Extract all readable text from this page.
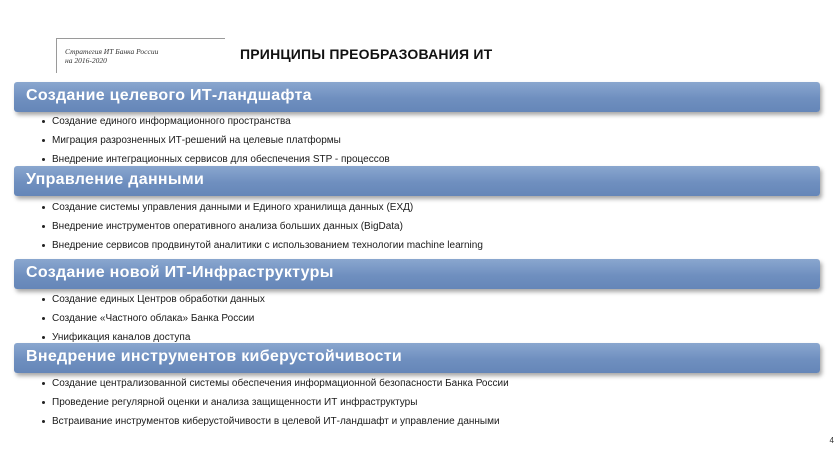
Стратегия ИТ Банка России
на 2016-2020	ПРИНЦИПЫ ПРЕОБРАЗОВАНИЯ ИТ
Создание целевого ИТ-ландшафта
Создание единого информационного пространства
Миграция разрозненных ИТ-решений на целевые платформы
Внедрение интеграционных сервисов для обеспечения STP - процессов
Управление данными
Создание системы управления данными и Единого хранилища данных (ЕХД)
Внедрение инструментов оперативного анализа больших данных (BigData)
Внедрение сервисов продвинутой аналитики с использованием технологии machine learning
Создание новой ИТ-Инфраструктуры
Создание единых Центров обработки данных
Создание «Частного облака» Банка России
Унификация каналов доступа
Внедрение инструментов киберустойчивости
Создание централизованной системы обеспечения информационной безопасности Банка России
Проведение регулярной оценки и анализа защищенности ИТ инфраструктуры
Встраивание инструментов киберустойчивости в целевой ИТ-ландшафт и управление данными
4
